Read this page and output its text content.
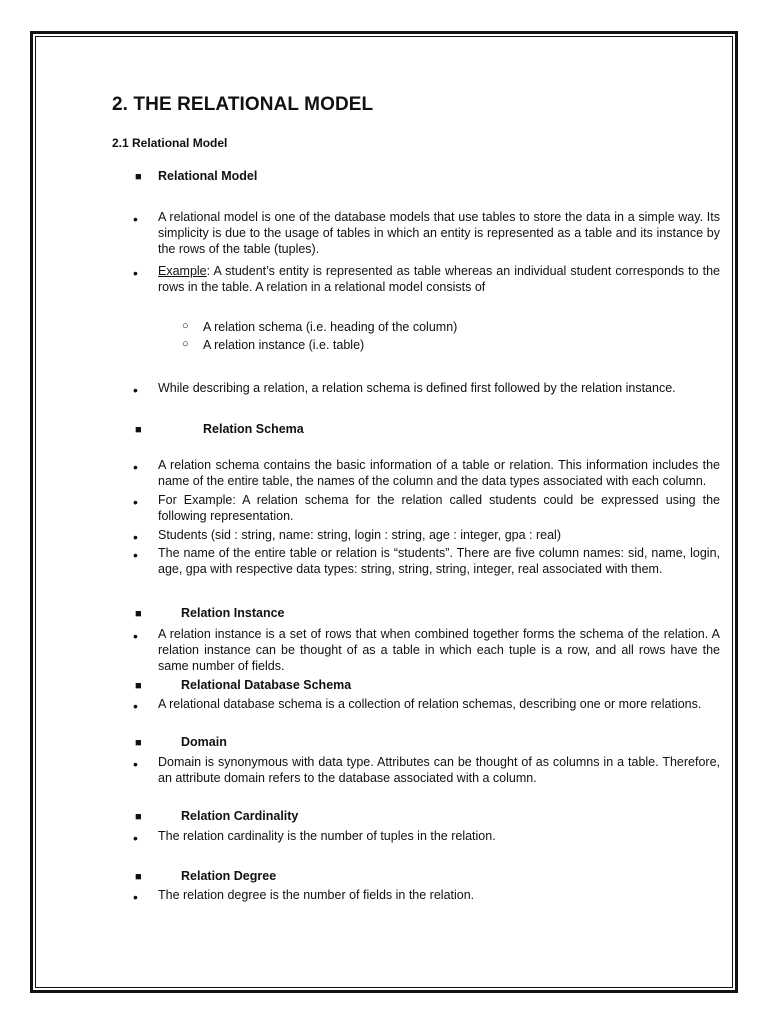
2. THE RELATIONAL MODEL
2.1 Relational Model
■ Relational Model
• A relational model is one of the database models that use tables to store the data in a simple way. Its simplicity is due to the usage of tables in which an entity is represented as a table and its instance by the rows of the table (tuples).
• Example: A student’s entity is represented as table whereas an individual student corresponds to the rows in the table. A relation in a relational model consists of
○ A relation schema (i.e. heading of the column)
○ A relation instance (i.e. table)
• While describing a relation, a relation schema is defined first followed by the relation instance.
■	Relation Schema
• A relation schema contains the basic information of a table or relation. This information includes the name of the entire table, the names of the column and the data types associated with each column.
• For Example: A relation schema for the relation called students could be expressed using the following representation.
• Students (sid : string, name: string, login : string, age : integer, gpa : real)
• The name of the entire table or relation is “students”. There are five column names: sid, name, login, age, gpa with respective data types: string, string, string, integer, real associated with them.
■	Relation Instance
• A relation instance is a set of rows that when combined together forms the schema of the relation. A relation instance can be thought of as a table in which each tuple is a row, and all rows have the same number of fields.
■	Relational Database Schema
• A relational database schema is a collection of relation schemas, describing one or more relations.
■	Domain
• Domain is synonymous with data type. Attributes can be thought of as columns in a table. Therefore, an attribute domain refers to the database associated with a column.
■	Relation Cardinality
• The relation cardinality is the number of tuples in the relation.
■	Relation Degree
• The relation degree is the number of fields in the relation.
